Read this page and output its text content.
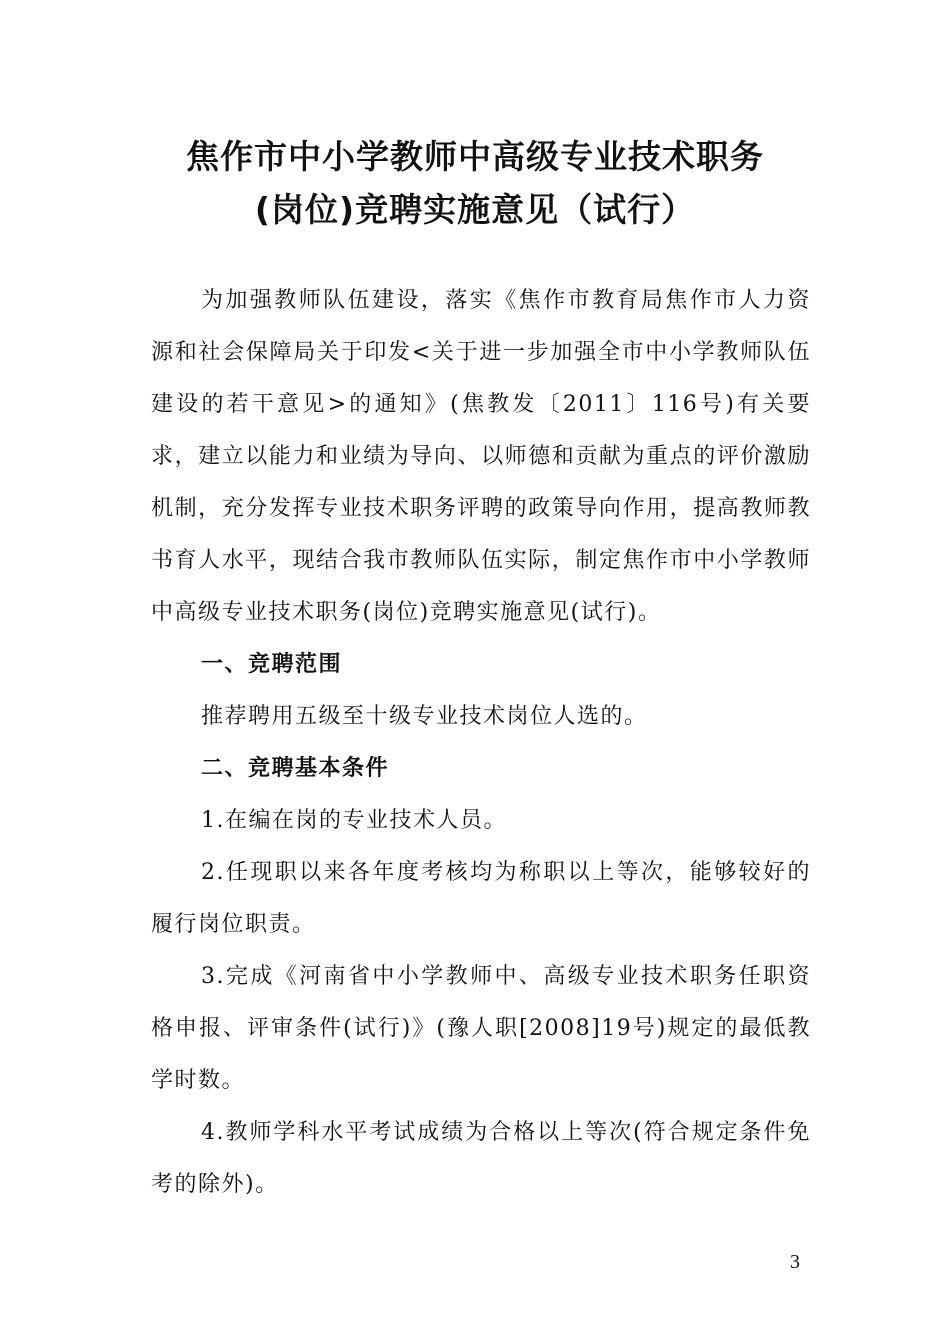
焦作市中小学教师中高级专业技术职务
(岗位)竞聘实施意见（试行）

为加强教师队伍建设，落实《焦作市教育局焦作市人力资源和社会保障局关于印发<关于进一步加强全市中小学教师队伍建设的若干意见>的通知》(焦教发〔2011〕116号)有关要求，建立以能力和业绩为导向、以师德和贡献为重点的评价激励机制，充分发挥专业技术职务评聘的政策导向作用，提高教师教书育人水平，现结合我市教师队伍实际，制定焦作市中小学教师中高级专业技术职务(岗位)竞聘实施意见(试行)。

一、竞聘范围

推荐聘用五级至十级专业技术岗位人选的。

二、竞聘基本条件

1.在编在岗的专业技术人员。

2.任现职以来各年度考核均为称职以上等次，能够较好的履行岗位职责。

3.完成《河南省中小学教师中、高级专业技术职务任职资格申报、评审条件(试行)》(豫人职[2008]19号)规定的最低教学时数。

4.教师学科水平考试成绩为合格以上等次(符合规定条件免考的除外)。

3
